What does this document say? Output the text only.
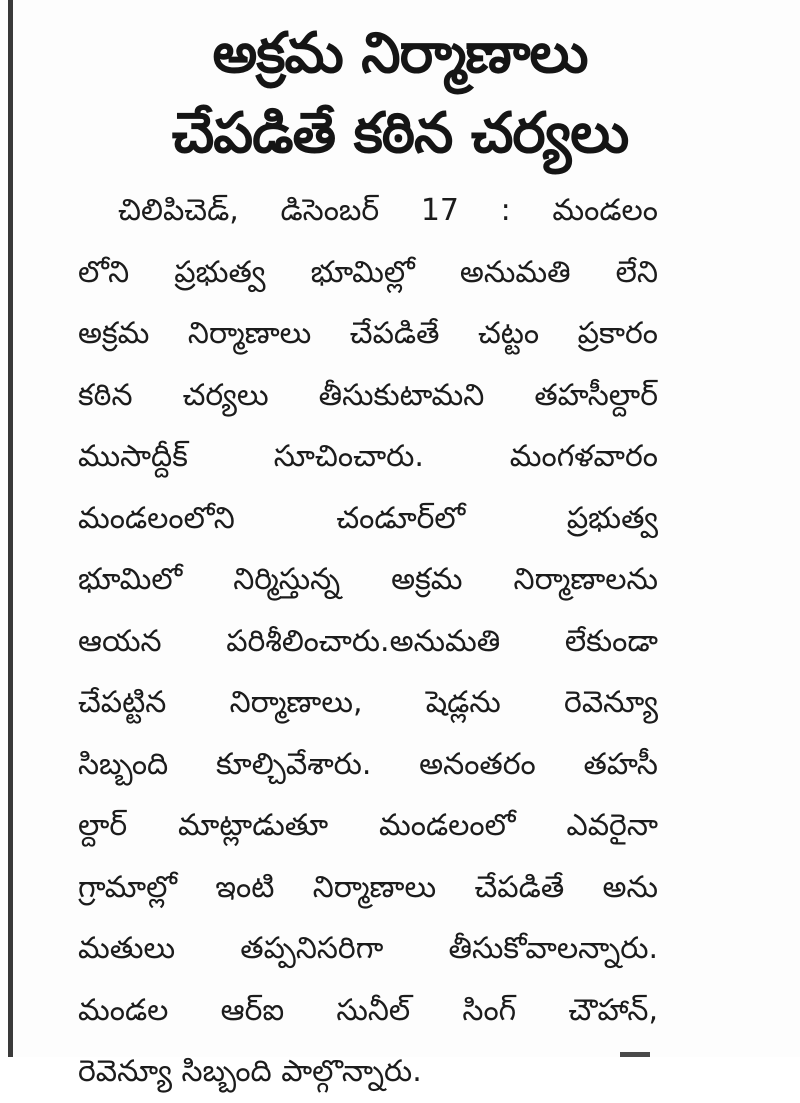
అక్రమ నిర్మాణాలు
చేపడితే కఠిన చర్యలు
చిలిపిచెడ్, డిసెంబర్ 17 : మండలం
లోని ప్రభుత్వ భూమిల్లో అనుమతి లేని
అక్రమ నిర్మాణాలు చేపడితే చట్టం ప్రకారం
కఠిన చర్యలు తీసుకుటామని తహసీల్దార్
ముసాద్దీక్ సూచించారు. మంగళవారం
మండలంలోని చండూర్‌లో ప్రభుత్వ
భూమిలో నిర్మిస్తున్న అక్రమ నిర్మాణాలను
ఆయన పరిశీలించారు.అనుమతి లేకుండా
చేపట్టిన నిర్మాణాలు, షెడ్లను రెవెన్యూ
సిబ్బంది కూల్చివేశారు. అనంతరం తహసీ
ల్దార్ మాట్లాడుతూ మండలంలో ఎవరైనా
గ్రామాల్లో ఇంటి నిర్మాణాలు చేపడితే అను
మతులు తప్పనిసరిగా తీసుకోవాలన్నారు.
మండల ఆర్ఐ సునీల్ సింగ్ చౌహాన్,
రెవెన్యూ సిబ్బంది పాల్గొన్నారు.
